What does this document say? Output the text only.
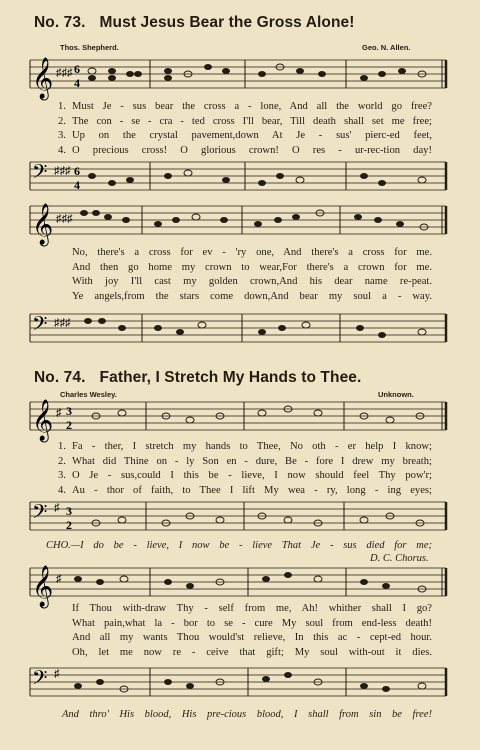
No. 73. Must Jesus Bear the Gross Alone!
Thos. Shepherd.	Geo. N. Allen.
𝄞 ♯♯♯ 6
4
1. Must Je - sus bear the cross a - lone, And all the world go free?
2. The con - se - cra - ted cross I'll bear, Till death shall set me free;
3. Up on the crystal pavement,down At Je - sus' pierc-ed feet,
4. O precious cross! O glorious crown! O res - ur-rec-tion day!
𝄢 ♯♯♯ 6
4
𝄞 ♯♯♯
No, there's a cross for ev - 'ry one, And there's a cross for me.
And then go home my crown to wear,For there's a crown for me.
With joy I'll cast my golden crown,And his dear name re-peat.
Ye angels,from the stars come down,And bear my soul a - way.
𝄢 ♯♯♯
No. 74. Father, I Stretch My Hands to Thee.
Charles Wesley.	Unknown.
𝄞 ♯ 3
2
1. Fa - ther, I stretch my hands to Thee, No oth - er help I know;
2. What did Thine on - ly Son en - dure, Be - fore I drew my breath;
3. O Je - sus,could I this be - lieve, I now should feel Thy pow'r;
4. Au - thor of faith, to Thee I lift My wea - ry, long - ing eyes;
𝄢 ♯ 3
2
CHO.—I do be - lieve, I now be - lieve That Je - sus died for me;
D. C. Chorus.
𝄞 ♯
If Thou with-draw Thy - self from me, Ah! whither shall I go?
What pain,what la - bor to se - cure My soul from end-less death!
And all my wants Thou would'st relieve, In this ac - cept-ed hour.
Oh, let me now re - ceive that gift; My soul with-out it dies.
𝄢 ♯
And thro' His blood, His pre-cious blood, I shall from sin be free!
